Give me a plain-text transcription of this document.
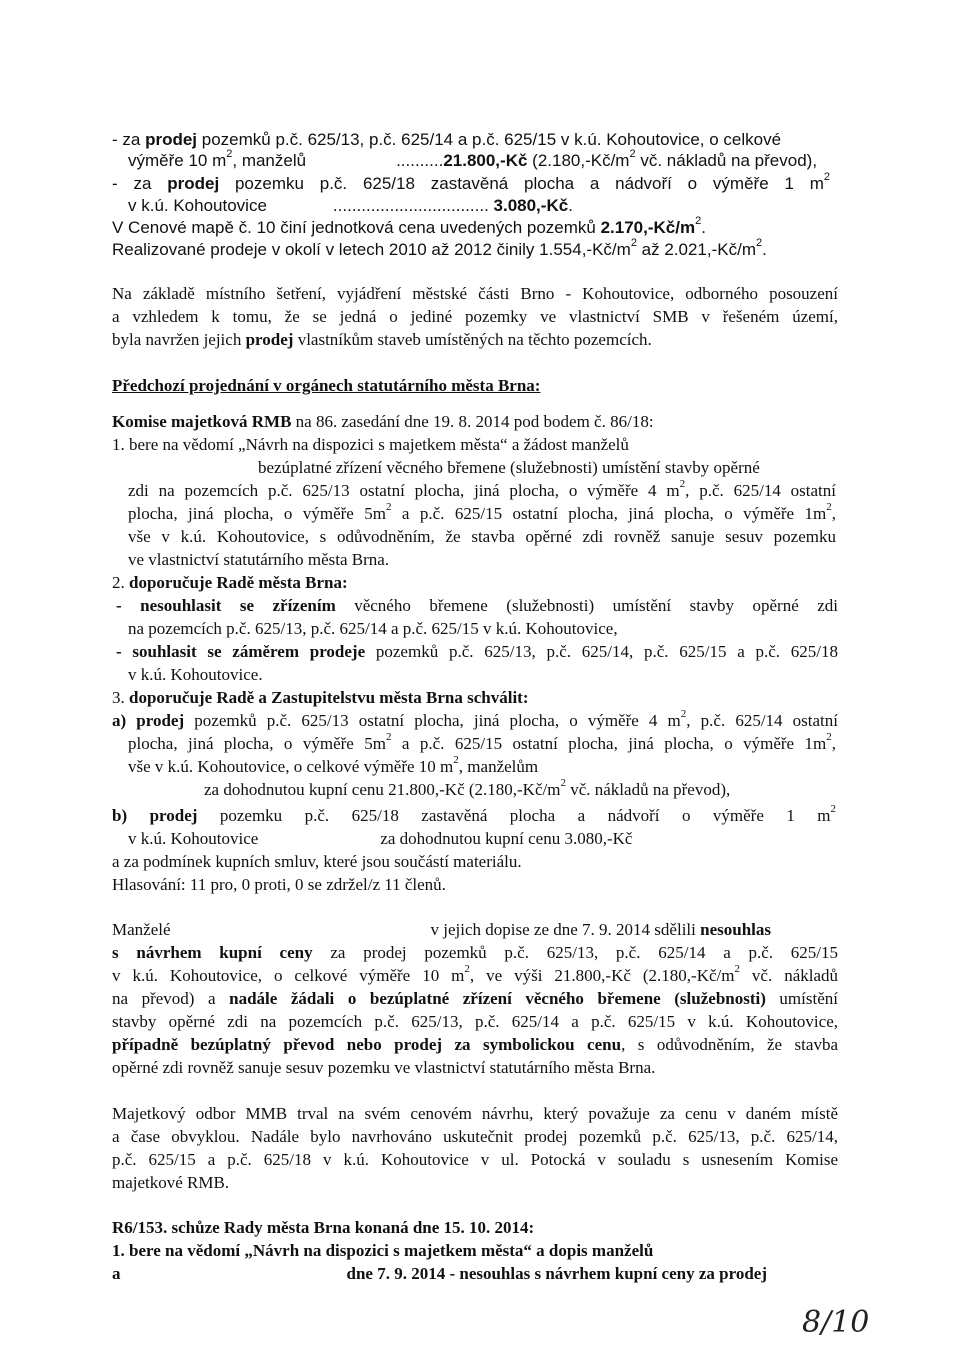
- za prodej pozemků p.č. 625/13, p.č. 625/14 a p.č. 625/15 v k.ú. Kohoutovice, o celkové
výměře 10 $m^2$, manželů	..........21.800,-Kč ($2.180,-Kč/m^2$ vč. nákladů na převod),
- za prodej pozemku p.č. 625/18 zastavěná plocha a nádvoří o výměře 1 $m^2$
v k.ú. Kohoutovice	................................. 3.080,-Kč.
V Cenové mapě č. 10 činí jednotková cena uvedených pozemků $2.170,-Kč/m^2$.
Realizované prodeje v okolí v letech 2010 až 2012 činily $1.554,-Kč/m^2$ až $2.021,-Kč/m^2$.
Na základě místního šetření, vyjádření městské části Brno - Kohoutovice, odborného posouzení
a vzhledem k tomu, že se jedná o jediné pozemky ve vlastnictví SMB v řešeném území,
byla navržen jejich prodej vlastníkům staveb umístěných na těchto pozemcích.
Předchozí projednání v orgánech statutárního města Brna:
Komise majetková RMB na 86. zasedání dne 19. 8. 2014 pod bodem č. 86/18:
1. bere na vědomí „Návrh na dispozici s majetkem města“ a žádost manželů
bezúplatné zřízení věcného břemene (služebnosti) umístění stavby opěrné
zdi na pozemcích p.č. 625/13 ostatní plocha, jiná plocha, o výměře 4 $m^2$, p.č. 625/14 ostatní
plocha, jiná plocha, o výměře $5m^2$ a p.č. 625/15 ostatní plocha, jiná plocha, o výměře $1m^2$,
vše v k.ú. Kohoutovice, s odůvodněním, že stavba opěrné zdi rovněž sanuje sesuv pozemku
ve vlastnictví statutárního města Brna.
2. doporučuje Radě města Brna:
- nesouhlasit se zřízením věcného břemene (služebnosti) umístění stavby opěrné zdi
na pozemcích p.č. 625/13, p.č. 625/14 a p.č. 625/15 v k.ú. Kohoutovice,
- souhlasit se záměrem prodeje pozemků p.č. 625/13, p.č. 625/14, p.č. 625/15 a p.č. 625/18
v k.ú. Kohoutovice.
3. doporučuje Radě a Zastupitelstvu města Brna schválit:
a) prodej pozemků p.č. 625/13 ostatní plocha, jiná plocha, o výměře 4 $m^2$, p.č. 625/14 ostatní
plocha, jiná plocha, o výměře $5m^2$ a p.č. 625/15 ostatní plocha, jiná plocha, o výměře $1m^2$,
vše v k.ú. Kohoutovice, o celkové výměře 10 $m^2$, manželům
za dohodnutou kupní cenu 21.800,-Kč ($2.180,-Kč/m^2$ vč. nákladů na převod),
b) prodej pozemku p.č. 625/18 zastavěná plocha a nádvoří o výměře 1 $m^2$
v k.ú. Kohoutovice	za dohodnutou kupní cenu 3.080,-Kč
a za podmínek kupních smluv, které jsou součástí materiálu.
Hlasování: 11 pro, 0 proti, 0 se zdržel/z 11 členů.
Manželé	v jejich dopise ze dne 7. 9. 2014 sdělili nesouhlas
s návrhem kupní ceny za prodej pozemků p.č. 625/13, p.č. 625/14 a p.č. 625/15
v k.ú. Kohoutovice, o celkové výměře 10 $m^2$, ve výši 21.800,-Kč ($2.180,-Kč/m^2$ vč. nákladů
na převod) a nadále žádali o bezúplatné zřízení věcného břemene (služebnosti) umístění
stavby opěrné zdi na pozemcích p.č. 625/13, p.č. 625/14 a p.č. 625/15 v k.ú. Kohoutovice,
případně bezúplatný převod nebo prodej za symbolickou cenu, s odůvodněním, že stavba
opěrné zdi rovněž sanuje sesuv pozemku ve vlastnictví statutárního města Brna.
Majetkový odbor MMB trval na svém cenovém návrhu, který považuje za cenu v daném místě
a čase obvyklou. Nadále bylo navrhováno uskutečnit prodej pozemků p.č. 625/13, p.č. 625/14,
p.č. 625/15 a p.č. 625/18 v k.ú. Kohoutovice v ul. Potocká v souladu s usnesením Komise
majetkové RMB.
R6/153. schůze Rady města Brna konaná dne 15. 10. 2014:
1. bere na vědomí „Návrh na dispozici s majetkem města“ a dopis manželů
a	dne 7. 9. 2014 - nesouhlas s návrhem kupní ceny za prodej
8/10
